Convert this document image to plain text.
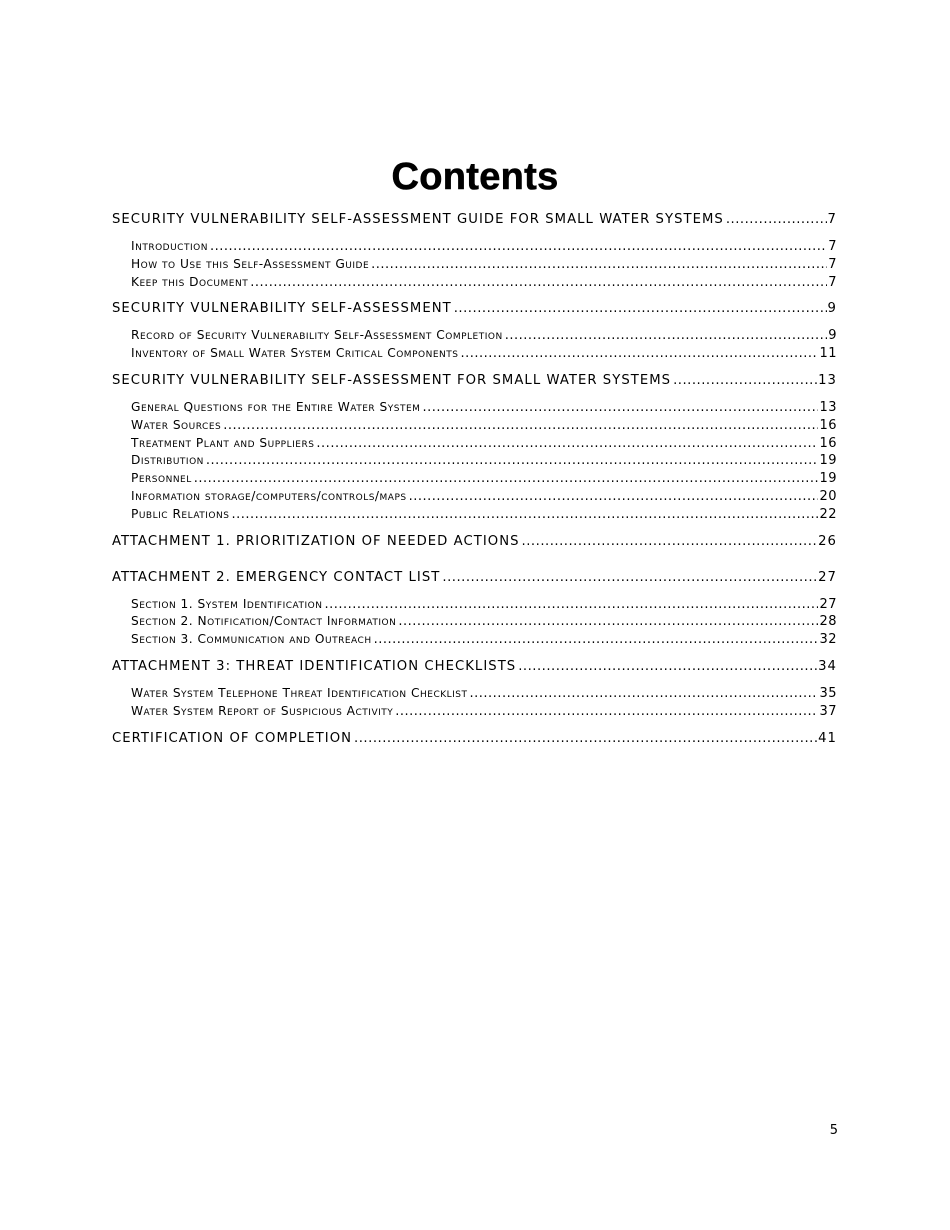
Contents
SECURITY VULNERABILITY SELF-ASSESSMENT GUIDE FOR SMALL WATER SYSTEMS .....	7
Introduction .....	7
How to Use this Self-Assessment Guide .....	7
Keep this Document .....	7
SECURITY VULNERABILITY SELF-ASSESSMENT .....	9
Record of Security Vulnerability Self-Assessment Completion .....	9
Inventory of Small Water System Critical Components .....	11
SECURITY VULNERABILITY SELF-ASSESSMENT FOR SMALL WATER SYSTEMS .....	13
General Questions for the Entire Water System .....	13
Water Sources .....	16
Treatment Plant and Suppliers .....	16
Distribution .....	19
Personnel .....	19
Information storage/computers/controls/maps .....	20
Public Relations .....	22
ATTACHMENT 1. PRIORITIZATION OF NEEDED ACTIONS .....	26
ATTACHMENT 2. EMERGENCY CONTACT LIST .....	27
Section 1. System Identification .....	27
Section 2. Notification/Contact Information .....	28
Section 3. Communication and Outreach .....	32
ATTACHMENT 3: THREAT IDENTIFICATION CHECKLISTS .....	34
Water System Telephone Threat Identification Checklist .....	35
Water System Report of Suspicious Activity .....	37
CERTIFICATION OF COMPLETION .....	41
5
